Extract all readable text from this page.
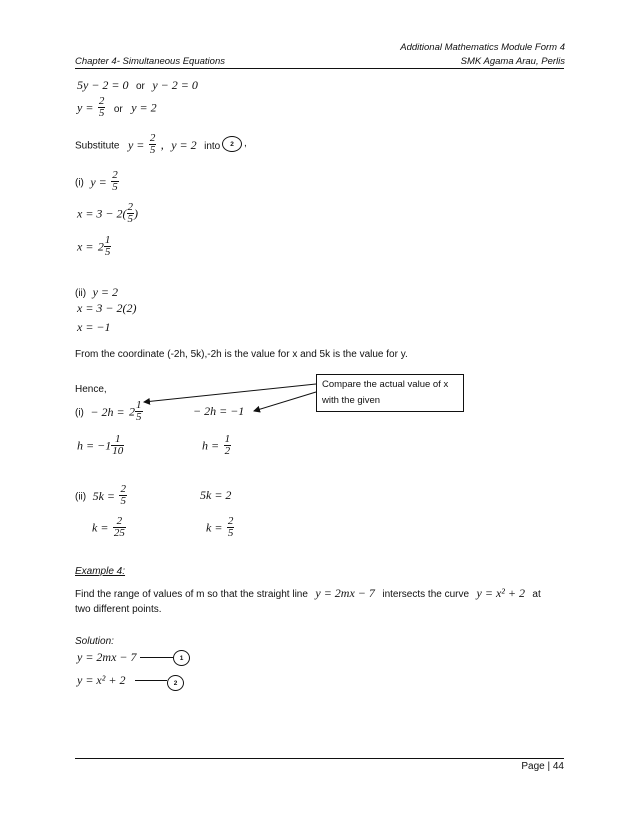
Additional Mathematics Module Form 4
Chapter 4- Simultaneous Equations	SMK Agama Arau, Perlis
5y − 2 = 0 or y − 2 = 0
$y = \frac{2}{5}$ or y = 2
Substitute $y = \frac{2}{5}$ , y = 2 into	2	,
(i) $y = \frac{2}{5}$
$x = 3 - 2( \frac{2}{5}$ )
$x = 2 \frac{1}{5}$
(ii) y = 2
x = 3 − 2(2)
x = −1
From the coordinate (-2h, 5k),-2h is the value for x and 5k is the value for y.
Hence,	Compare the actual value of x with the given
$(i) - 2h = 2 \frac{1}{5}$	− 2h = −1
$h = -1 \frac{1}{10}$	$h = \frac{1}{2}$
(ii) $5k = \frac{2}{5}$	5k = 2
$k = \frac{2}{25}$	$k = \frac{2}{5}$
Example 4:
Find the range of values of m so that the straight line y = 2mx − 7 intersects the curve y = x² + 2 at
two different points.
Solution:
y = 2mx − 7	1
y = x² + 2	2
Page | 44
